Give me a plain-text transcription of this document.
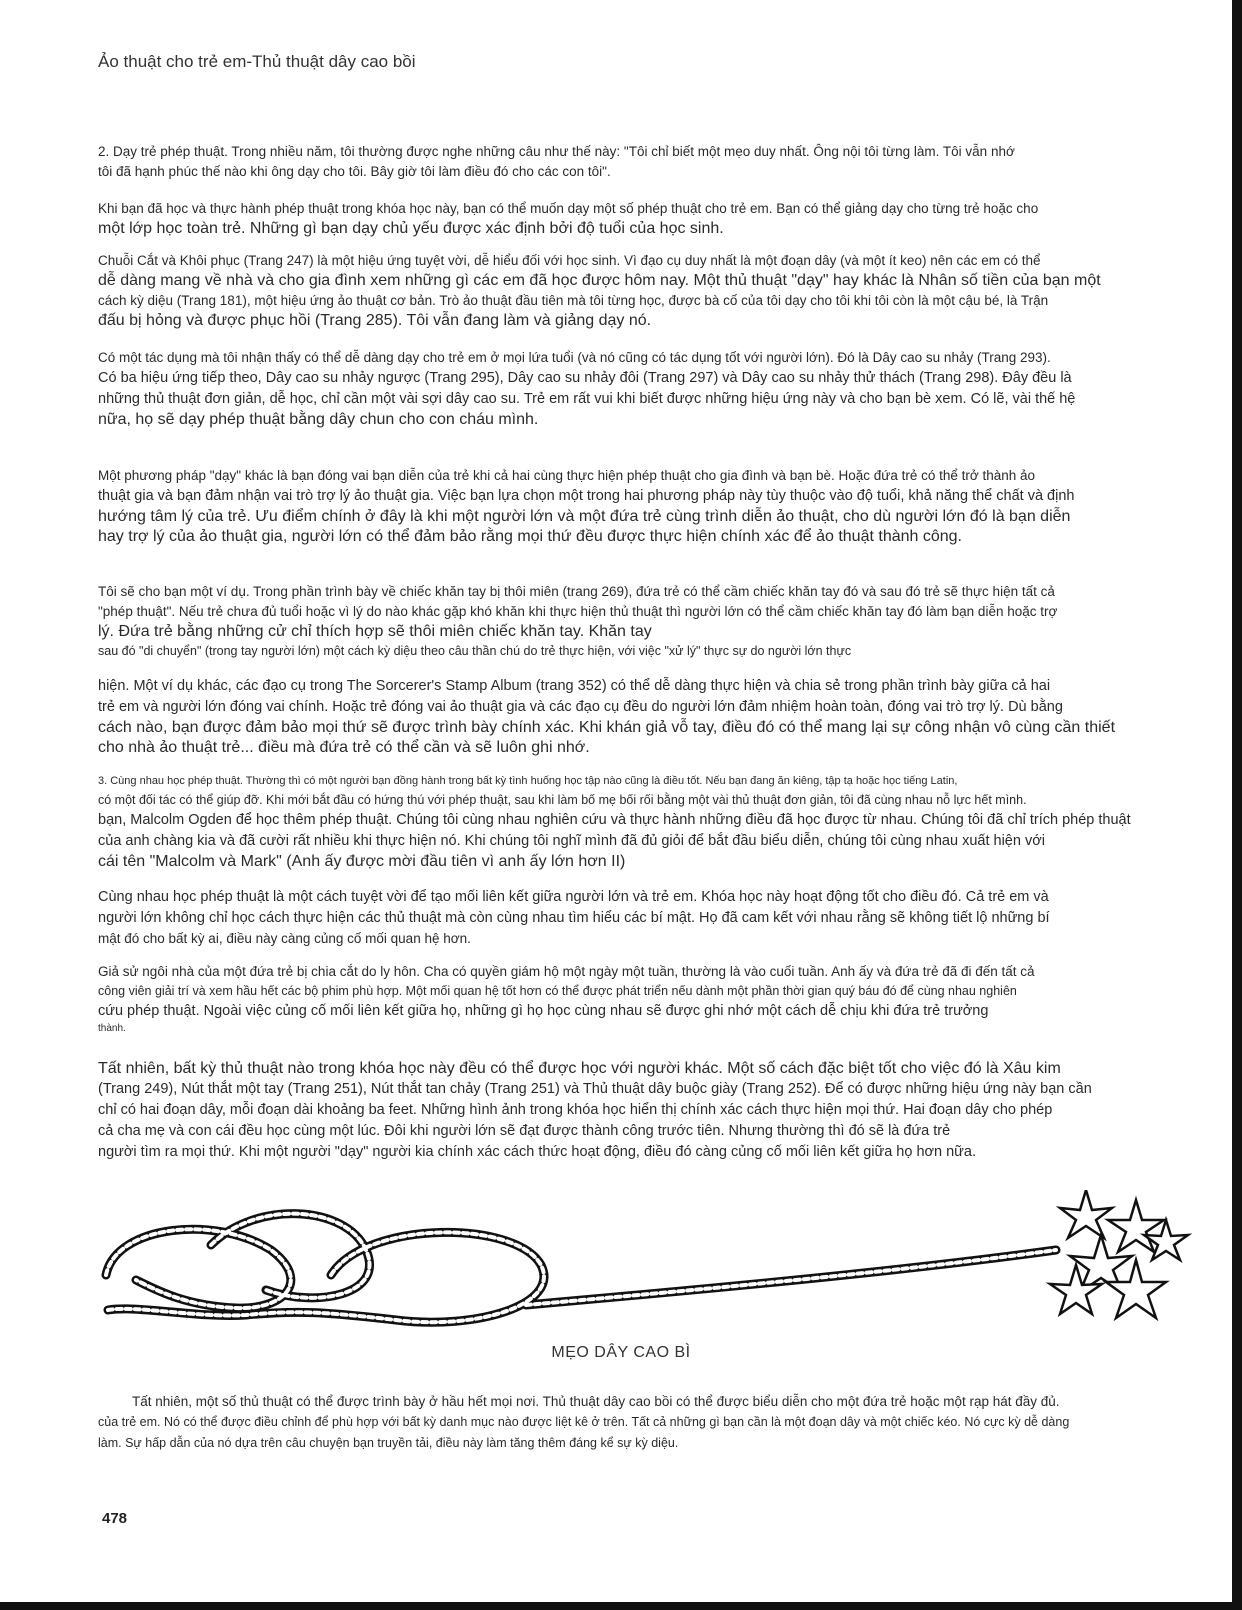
Ảo thuật cho trẻ em-Thủ thuật dây cao bồi

2. Dạy trẻ phép thuật. Trong nhiều năm, tôi thường được nghe những câu như thế này: "Tôi chỉ biết một mẹo duy nhất. Ông nội tôi từng làm. Tôi vẫn nhớ
tôi đã hạnh phúc thế nào khi ông dạy cho tôi. Bây giờ tôi làm điều đó cho các con tôi".

Khi bạn đã học và thực hành phép thuật trong khóa học này, bạn có thể muốn dạy một số phép thuật cho trẻ em. Bạn có thể giảng dạy cho từng trẻ hoặc cho
một lớp học toàn trẻ. Những gì bạn dạy chủ yếu được xác định bởi độ tuổi của học sinh.

Chuỗi Cắt và Khôi phục (Trang 247) là một hiệu ứng tuyệt vời, dễ hiểu đối với học sinh. Vì đạo cụ duy nhất là một đoạn dây (và một ít keo) nên các em có thể
dễ dàng mang về nhà và cho gia đình xem những gì các em đã học được hôm nay. Một thủ thuật "dạy" hay khác là Nhân số tiền của bạn một
cách kỳ diệu (Trang 181), một hiệu ứng ảo thuật cơ bản. Trò ảo thuật đầu tiên mà tôi từng học, được bà cố của tôi dạy cho tôi khi tôi còn là một cậu bé, là Trận
đấu bị hỏng và được phục hồi (Trang 285). Tôi vẫn đang làm và giảng dạy nó.

Có một tác dụng mà tôi nhận thấy có thể dễ dàng dạy cho trẻ em ở mọi lứa tuổi (và nó cũng có tác dụng tốt với người lớn). Đó là Dây cao su nhảy (Trang 293).
Có ba hiệu ứng tiếp theo, Dây cao su nhảy ngược (Trang 295), Dây cao su nhảy đôi (Trang 297) và Dây cao su nhảy thử thách (Trang 298). Đây đều là
những thủ thuật đơn giản, dễ học, chỉ cần một vài sợi dây cao su. Trẻ em rất vui khi biết được những hiệu ứng này và cho bạn bè xem. Có lẽ, vài thế hệ
nữa, họ sẽ dạy phép thuật bằng dây chun cho con cháu mình.

Một phương pháp "dạy" khác là bạn đóng vai bạn diễn của trẻ khi cả hai cùng thực hiện phép thuật cho gia đình và bạn bè. Hoặc đứa trẻ có thể trở thành ảo
thuật gia và bạn đảm nhận vai trò trợ lý ảo thuật gia. Việc bạn lựa chọn một trong hai phương pháp này tùy thuộc vào độ tuổi, khả năng thể chất và định
hướng tâm lý của trẻ. Ưu điểm chính ở đây là khi một người lớn và một đứa trẻ cùng trình diễn ảo thuật, cho dù người lớn đó là bạn diễn
hay trợ lý của ảo thuật gia, người lớn có thể đảm bảo rằng mọi thứ đều được thực hiện chính xác để ảo thuật thành công.

Tôi sẽ cho bạn một ví dụ. Trong phần trình bày về chiếc khăn tay bị thôi miên (trang 269), đứa trẻ có thể cầm chiếc khăn tay đó và sau đó trẻ sẽ thực hiện tất cả
"phép thuật". Nếu trẻ chưa đủ tuổi hoặc vì lý do nào khác gặp khó khăn khi thực hiện thủ thuật thì người lớn có thể cầm chiếc khăn tay đó làm bạn diễn hoặc trợ
lý. Đứa trẻ bằng những cử chỉ thích hợp sẽ thôi miên chiếc khăn tay. Khăn tay
sau đó "di chuyển" (trong tay người lớn) một cách kỳ diệu theo câu thần chú do trẻ thực hiện, với việc "xử lý" thực sự do người lớn thực

hiện. Một ví dụ khác, các đạo cụ trong The Sorcerer's Stamp Album (trang 352) có thể dễ dàng thực hiện và chia sẻ trong phần trình bày giữa cả hai
trẻ em và người lớn đóng vai chính. Hoặc trẻ đóng vai ảo thuật gia và các đạo cụ đều do người lớn đảm nhiệm hoàn toàn, đóng vai trò trợ lý. Dù bằng
cách nào, bạn được đảm bảo mọi thứ sẽ được trình bày chính xác. Khi khán giả vỗ tay, điều đó có thể mang lại sự công nhận vô cùng cần thiết
cho nhà ảo thuật trẻ... điều mà đứa trẻ có thể cần và sẽ luôn ghi nhớ.

3. Cùng nhau học phép thuật. Thường thì có một người bạn đồng hành trong bất kỳ tình huống học tập nào cũng là điều tốt. Nếu bạn đang ăn kiêng, tập tạ hoặc học tiếng Latin,
có một đối tác có thể giúp đỡ. Khi mới bắt đầu có hứng thú với phép thuật, sau khi làm bố mẹ bối rối bằng một vài thủ thuật đơn giản, tôi đã cùng nhau nỗ lực hết mình.
bạn, Malcolm Ogden để học thêm phép thuật. Chúng tôi cùng nhau nghiên cứu và thực hành những điều đã học được từ nhau. Chúng tôi đã chỉ trích phép thuật
của anh chàng kia và đã cười rất nhiều khi thực hiện nó. Khi chúng tôi nghĩ mình đã đủ giỏi để bắt đầu biểu diễn, chúng tôi cùng nhau xuất hiện với
cái tên "Malcolm và Mark" (Anh ấy được mời đầu tiên vì anh ấy lớn hơn II)

Cùng nhau học phép thuật là một cách tuyệt vời để tạo mối liên kết giữa người lớn và trẻ em. Khóa học này hoạt động tốt cho điều đó. Cả trẻ em và
người lớn không chỉ học cách thực hiện các thủ thuật mà còn cùng nhau tìm hiểu các bí mật. Họ đã cam kết với nhau rằng sẽ không tiết lộ những bí
mật đó cho bất kỳ ai, điều này càng củng cố mối quan hệ hơn.

Giả sử ngôi nhà của một đứa trẻ bị chia cắt do ly hôn. Cha có quyền giám hộ một ngày một tuần, thường là vào cuối tuần. Anh ấy và đứa trẻ đã đi đến tất cả
công viên giải trí và xem hầu hết các bộ phim phù hợp. Một mối quan hệ tốt hơn có thể được phát triển nếu dành một phần thời gian quý báu đó để cùng nhau nghiên
cứu phép thuật. Ngoài việc củng cố mối liên kết giữa họ, những gì họ học cùng nhau sẽ được ghi nhớ một cách dễ chịu khi đứa trẻ trưởng
thành.

Tất nhiên, bất kỳ thủ thuật nào trong khóa học này đều có thể được học với người khác. Một số cách đặc biệt tốt cho việc đó là Xâu kim
(Trang 249), Nút thắt một tay (Trang 251), Nút thắt tan chảy (Trang 251) và Thủ thuật dây buộc giày (Trang 252). Để có được những hiệu ứng này bạn cần
chỉ có hai đoạn dây, mỗi đoạn dài khoảng ba feet. Những hình ảnh trong khóa học hiển thị chính xác cách thực hiện mọi thứ. Hai đoạn dây cho phép
cả cha mẹ và con cái đều học cùng một lúc. Đôi khi người lớn sẽ đạt được thành công trước tiên. Nhưng thường thì đó sẽ là đứa trẻ
người tìm ra mọi thứ. Khi một người "dạy" người kia chính xác cách thức hoạt động, điều đó càng củng cố mối liên kết giữa họ hơn nữa.

MẸO DÂY CAO BÌ

Tất nhiên, một số thủ thuật có thể được trình bày ở hầu hết mọi nơi. Thủ thuật dây cao bồi có thể được biểu diễn cho một đứa trẻ hoặc một rạp hát đầy đủ.
của trẻ em. Nó có thể được điều chỉnh để phù hợp với bất kỳ danh mục nào được liệt kê ở trên. Tất cả những gì bạn cần là một đoạn dây và một chiếc kéo. Nó cực kỳ dễ dàng
làm. Sự hấp dẫn của nó dựa trên câu chuyện bạn truyền tải, điều này làm tăng thêm đáng kể sự kỳ diệu.

478
